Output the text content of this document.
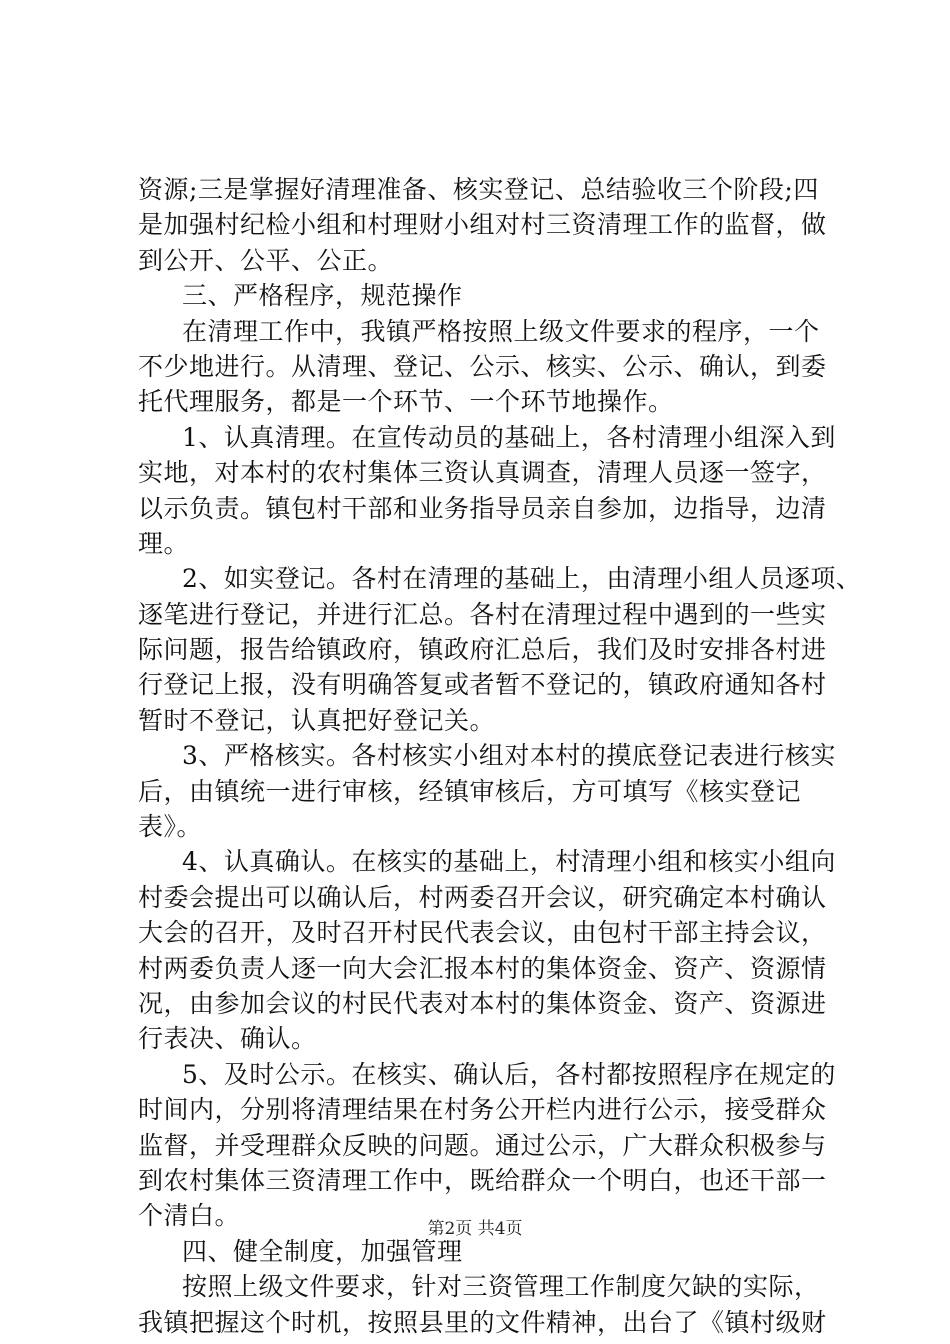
资源;三是掌握好清理准备、核实登记、总结验收三个阶段;四
是加强村纪检小组和村理财小组对村三资清理工作的监督，做
到公开、公平、公正。
三、严格程序，规范操作
在清理工作中，我镇严格按照上级文件要求的程序，一个
不少地进行。从清理、登记、公示、核实、公示、确认，到委
托代理服务，都是一个环节、一个环节地操作。
1、认真清理。在宣传动员的基础上，各村清理小组深入到
实地，对本村的农村集体三资认真调查，清理人员逐一签字，
以示负责。镇包村干部和业务指导员亲自参加，边指导，边清
理。
2、如实登记。各村在清理的基础上，由清理小组人员逐项、
逐笔进行登记，并进行汇总。各村在清理过程中遇到的一些实
际问题，报告给镇政府，镇政府汇总后，我们及时安排各村进
行登记上报，没有明确答复或者暂不登记的，镇政府通知各村
暂时不登记，认真把好登记关。
3、严格核实。各村核实小组对本村的摸底登记表进行核实
后，由镇统一进行审核，经镇审核后，方可填写《核实登记
表》。
4、认真确认。在核实的基础上，村清理小组和核实小组向
村委会提出可以确认后，村两委召开会议，研究确定本村确认
大会的召开，及时召开村民代表会议，由包村干部主持会议，
村两委负责人逐一向大会汇报本村的集体资金、资产、资源情
况，由参加会议的村民代表对本村的集体资金、资产、资源进
行表决、确认。
5、及时公示。在核实、确认后，各村都按照程序在规定的
时间内，分别将清理结果在村务公开栏内进行公示，接受群众
监督，并受理群众反映的问题。通过公示，广大群众积极参与
到农村集体三资清理工作中，既给群众一个明白，也还干部一
个清白。
四、健全制度，加强管理
按照上级文件要求，针对三资管理工作制度欠缺的实际，
我镇把握这个时机，按照县里的文件精神，出台了《镇村级财
第2页 共4页
